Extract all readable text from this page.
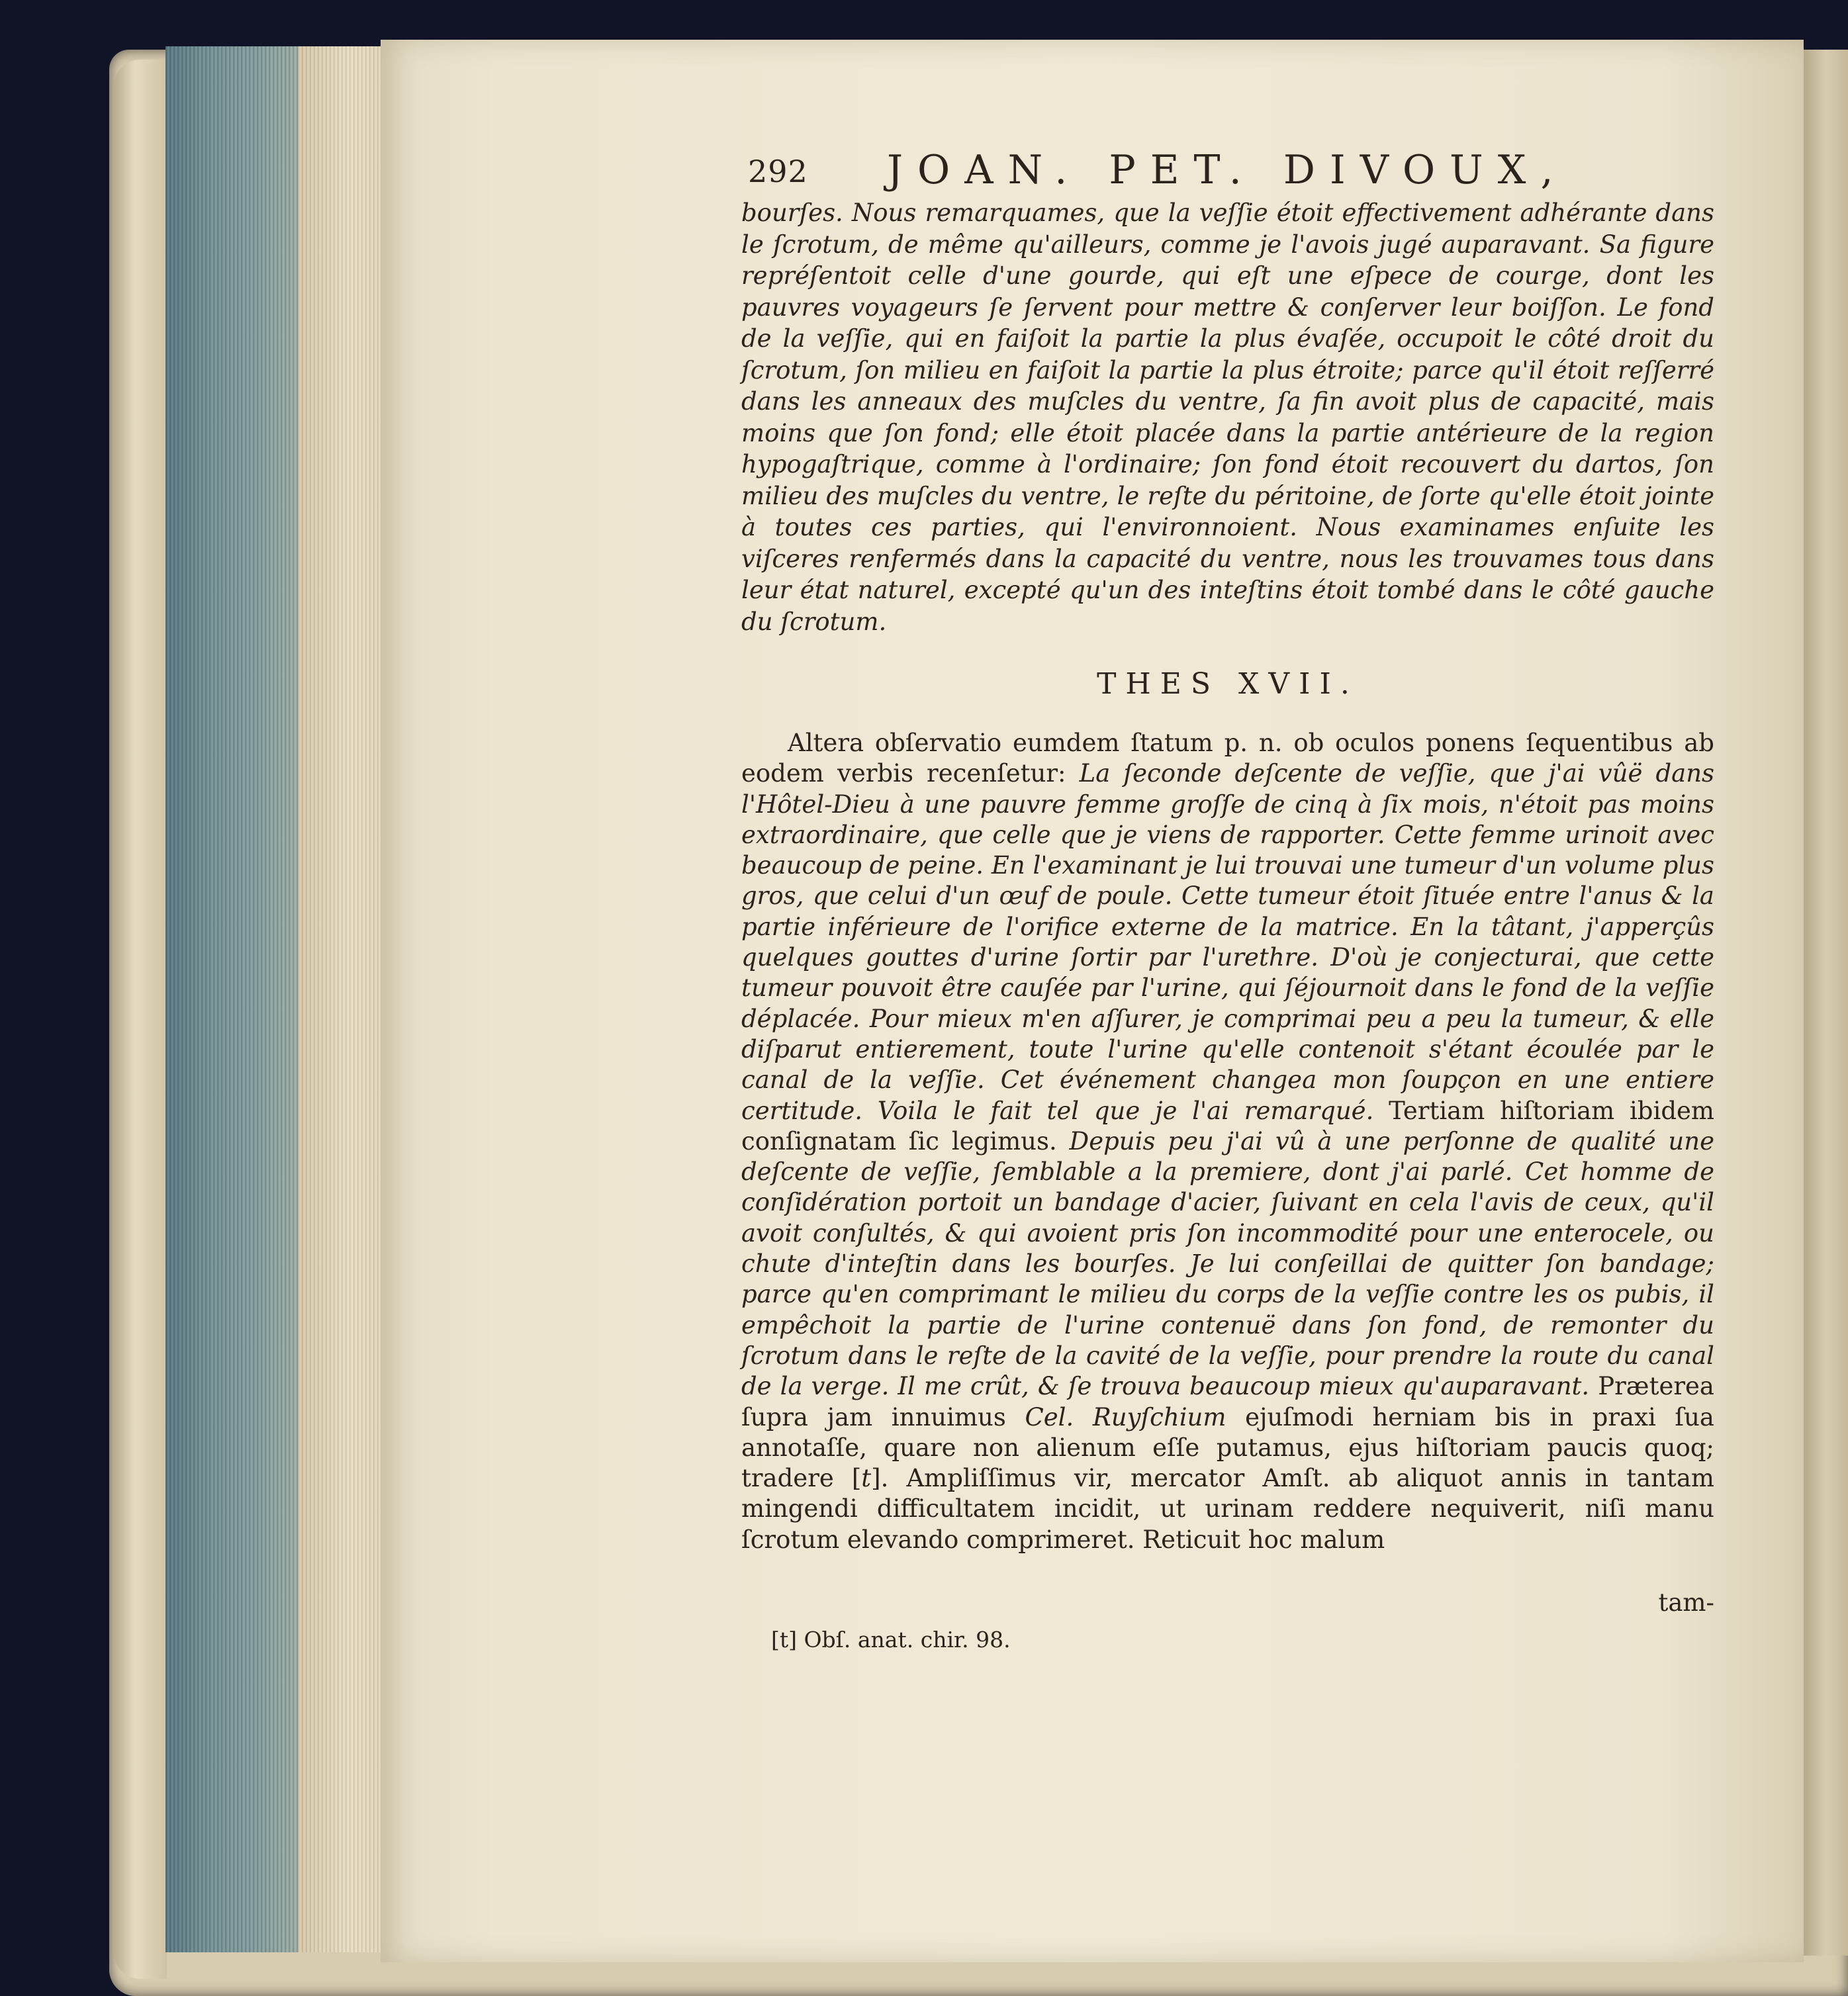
292 JOAN. PET. DIVOUX,
bourſes. Nous remarquames, que la veſſie étoit effectivement adhérante dans le ſcrotum, de même qu'ailleurs, comme je l'avois jugé auparavant. Sa figure repréſentoit celle d'une gourde, qui eſt une eſpece de courge, dont les pauvres voyageurs ſe ſervent pour mettre & conſerver leur boiſſon. Le fond de la veſſie, qui en faiſoit la partie la plus évaſée, occupoit le côté droit du ſcrotum, ſon milieu en faiſoit la partie la plus étroite; parce qu'il étoit reſſerré dans les anneaux des muſcles du ventre, ſa fin avoit plus de capacité, mais moins que ſon fond; elle étoit placée dans la partie antérieure de la region hypogaſtrique, comme à l'ordinaire; ſon fond étoit recouvert du dartos, ſon milieu des muſcles du ventre, le reſte du péritoine, de ſorte qu'elle étoit jointe à toutes ces parties, qui l'environnoient. Nous examinames enſuite les viſceres renfermés dans la capacité du ventre, nous les trouvames tous dans leur état naturel, excepté qu'un des inteſtins étoit tombé dans le côté gauche du ſcrotum.
THES XVII.
Altera obſervatio eumdem ſtatum p. n. ob oculos ponens ſequentibus ab eodem verbis recenſetur: La ſeconde deſcente de veſſie, que j'ai vûë dans l'Hôtel-Dieu à une pauvre femme groſſe de cinq à ſix mois, n'étoit pas moins extraordinaire, que celle que je viens de rapporter. Cette femme urinoit avec beaucoup de peine. En l'examinant je lui trouvai une tumeur d'un volume plus gros, que celui d'un œuf de poule. Cette tumeur étoit ſituée entre l'anus & la partie inférieure de l'orifice externe de la matrice. En la tâtant, j'apperçûs quelques gouttes d'urine ſortir par l'urethre. D'où je conjecturai, que cette tumeur pouvoit être cauſée par l'urine, qui ſéjournoit dans le fond de la veſſie déplacée. Pour mieux m'en aſſurer, je comprimai peu a peu la tumeur, & elle diſparut entierement, toute l'urine qu'elle contenoit s'étant écoulée par le canal de la veſſie. Cet événement changea mon ſoupçon en une entiere certitude. Voila le fait tel que je l'ai remarqué. Tertiam hiſtoriam ibidem conſignatam ſic legimus. Depuis peu j'ai vû à une perſonne de qualité une deſcente de veſſie, ſemblable a la premiere, dont j'ai parlé. Cet homme de conſidération portoit un bandage d'acier, ſuivant en cela l'avis de ceux, qu'il avoit conſultés, & qui avoient pris ſon incommodité pour une enterocele, ou chute d'inteſtin dans les bourſes. Je lui conſeillai de quitter ſon bandage; parce qu'en comprimant le milieu du corps de la veſſie contre les os pubis, il empêchoit la partie de l'urine contenuë dans ſon fond, de remonter du ſcrotum dans le reſte de la cavité de la veſſie, pour prendre la route du canal de la verge. Il me crût, & ſe trouva beaucoup mieux qu'auparavant. Præterea ſupra jam innuimus Cel. Ruyſchium ejuſmodi herniam bis in praxi ſua annotaſſe, quare non alienum eſſe putamus, ejus hiſtoriam paucis quoq; tradere [t]. Ampliſſimus vir, mercator Amſt. ab aliquot annis in tantam mingendi difficultatem incidit, ut urinam reddere nequiverit, niſi manu ſcrotum elevando comprimeret. Reticuit hoc malum
tam-
[t] Obſ. anat. chir. 98.
